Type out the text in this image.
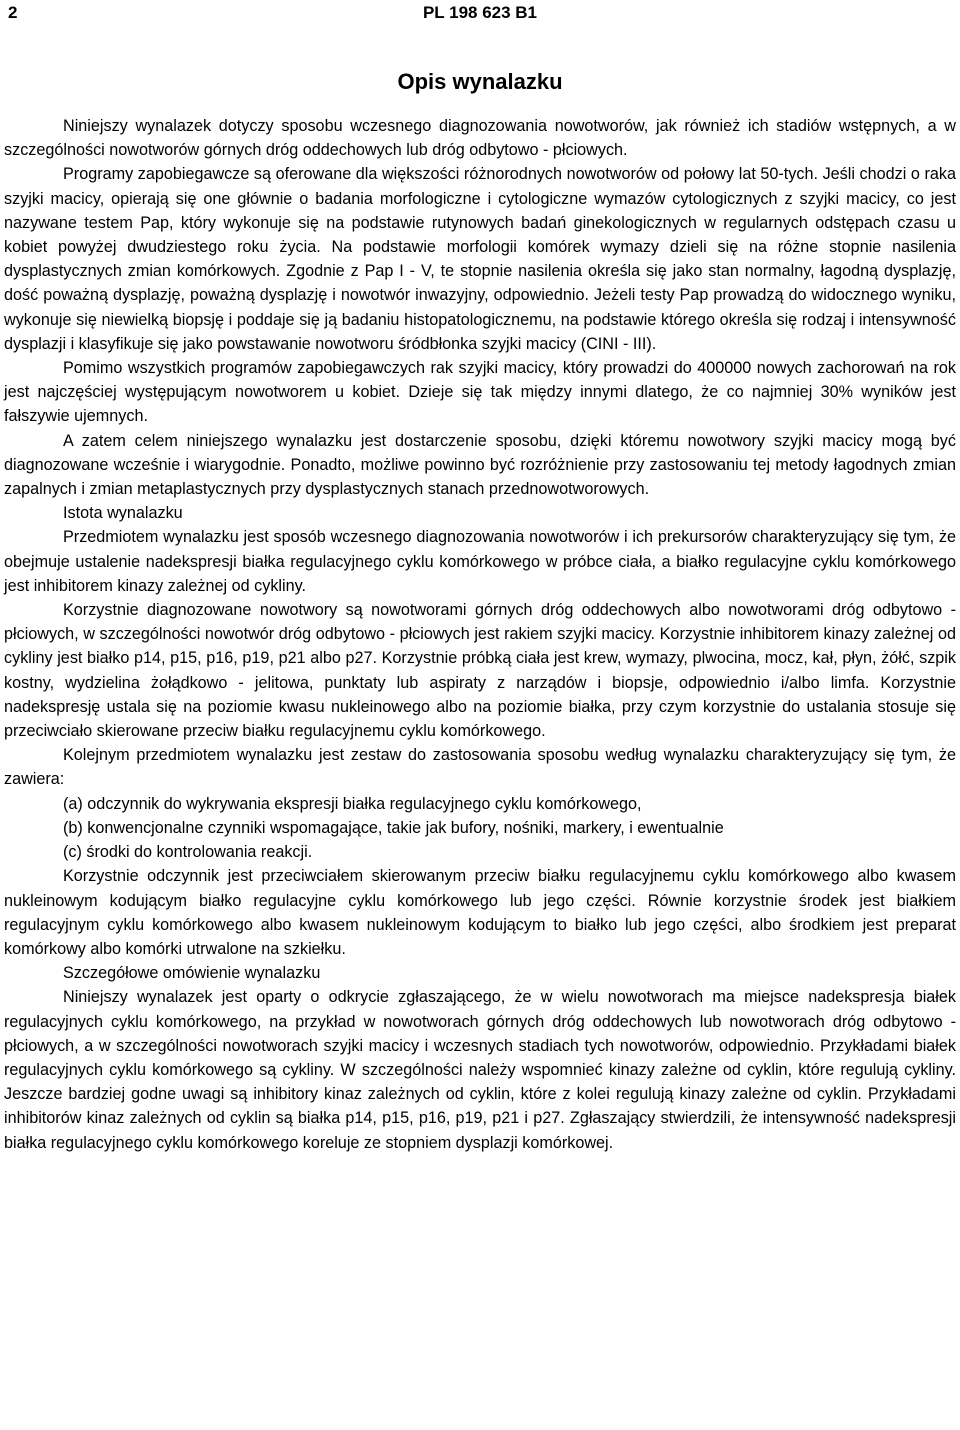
2	PL 198 623 B1
Opis wynalazku

Niniejszy wynalazek dotyczy sposobu wczesnego diagnozowania nowotworów, jak również ich stadiów wstępnych, a w szczególności nowotworów górnych dróg oddechowych lub dróg odbytowo - płciowych.

Programy zapobiegawcze są oferowane dla większości różnorodnych nowotworów od połowy lat 50-tych. Jeśli chodzi o raka szyjki macicy, opierają się one głównie o badania morfologiczne i cytologiczne wymazów cytologicznych z szyjki macicy, co jest nazywane testem Pap, który wykonuje się na podstawie rutynowych badań ginekologicznych w regularnych odstępach czasu u kobiet powyżej dwudziestego roku życia. Na podstawie morfologii komórek wymazy dzieli się na różne stopnie nasilenia dysplastycznych zmian komórkowych. Zgodnie z Pap I - V, te stopnie nasilenia określa się jako stan normalny, łagodną dysplazję, dość poważną dysplazję, poważną dysplazję i nowotwór inwazyjny, odpowiednio. Jeżeli testy Pap prowadzą do widocznego wyniku, wykonuje się niewielką biopsję i poddaje się ją badaniu histopatologicznemu, na podstawie którego określa się rodzaj i intensywność dysplazji i klasyfikuje się jako powstawanie nowotworu śródbłonka szyjki macicy (CINI - III).

Pomimo wszystkich programów zapobiegawczych rak szyjki macicy, który prowadzi do 400000 nowych zachorowań na rok jest najczęściej występującym nowotworem u kobiet. Dzieje się tak między innymi dlatego, że co najmniej 30% wyników jest fałszywie ujemnych.

A zatem celem niniejszego wynalazku jest dostarczenie sposobu, dzięki któremu nowotwory szyjki macicy mogą być diagnozowane wcześnie i wiarygodnie. Ponadto, możliwe powinno być rozróżnienie przy zastosowaniu tej metody łagodnych zmian zapalnych i zmian metaplastycznych przy dysplastycznych stanach przednowotworowych.

Istota wynalazku

Przedmiotem wynalazku jest sposób wczesnego diagnozowania nowotworów i ich prekursorów charakteryzujący się tym, że obejmuje ustalenie nadekspresji białka regulacyjnego cyklu komórkowego w próbce ciała, a białko regulacyjne cyklu komórkowego jest inhibitorem kinazy zależnej od cykliny.

Korzystnie diagnozowane nowotwory są nowotworami górnych dróg oddechowych albo nowotworami dróg odbytowo - płciowych, w szczególności nowotwór dróg odbytowo - płciowych jest rakiem szyjki macicy. Korzystnie inhibitorem kinazy zależnej od cykliny jest białko p14, p15, p16, p19, p21 albo p27. Korzystnie próbką ciała jest krew, wymazy, plwocina, mocz, kał, płyn, żółć, szpik kostny, wydzielina żołądkowo - jelitowa, punktaty lub aspiraty z narządów i biopsje, odpowiednio i/albo limfa. Korzystnie nadekspresję ustala się na poziomie kwasu nukleinowego albo na poziomie białka, przy czym korzystnie do ustalania stosuje się przeciwciało skierowane przeciw białku regulacyjnemu cyklu komórkowego.

Kolejnym przedmiotem wynalazku jest zestaw do zastosowania sposobu według wynalazku charakteryzujący się tym, że zawiera:

(a) odczynnik do wykrywania ekspresji białka regulacyjnego cyklu komórkowego,

(b) konwencjonalne czynniki wspomagające, takie jak bufory, nośniki, markery, i ewentualnie

(c) środki do kontrolowania reakcji.

Korzystnie odczynnik jest przeciwciałem skierowanym przeciw białku regulacyjnemu cyklu komórkowego albo kwasem nukleinowym kodującym białko regulacyjne cyklu komórkowego lub jego części. Równie korzystnie środek jest białkiem regulacyjnym cyklu komórkowego albo kwasem nukleinowym kodującym to białko lub jego części, albo środkiem jest preparat komórkowy albo komórki utrwalone na szkiełku.

Szczegółowe omówienie wynalazku

Niniejszy wynalazek jest oparty o odkrycie zgłaszającego, że w wielu nowotworach ma miejsce nadekspresja białek regulacyjnych cyklu komórkowego, na przykład w nowotworach górnych dróg oddechowych lub nowotworach dróg odbytowo - płciowych, a w szczególności nowotworach szyjki macicy i wczesnych stadiach tych nowotworów, odpowiednio. Przykładami białek regulacyjnych cyklu komórkowego są cykliny. W szczególności należy wspomnieć kinazy zależne od cyklin, które regulują cykliny. Jeszcze bardziej godne uwagi są inhibitory kinaz zależnych od cyklin, które z kolei regulują kinazy zależne od cyklin. Przykładami inhibitorów kinaz zależnych od cyklin są białka p14, p15, p16, p19, p21 i p27. Zgłaszający stwierdzili, że intensywność nadekspresji białka regulacyjnego cyklu komórkowego koreluje ze stopniem dysplazji komórkowej.
